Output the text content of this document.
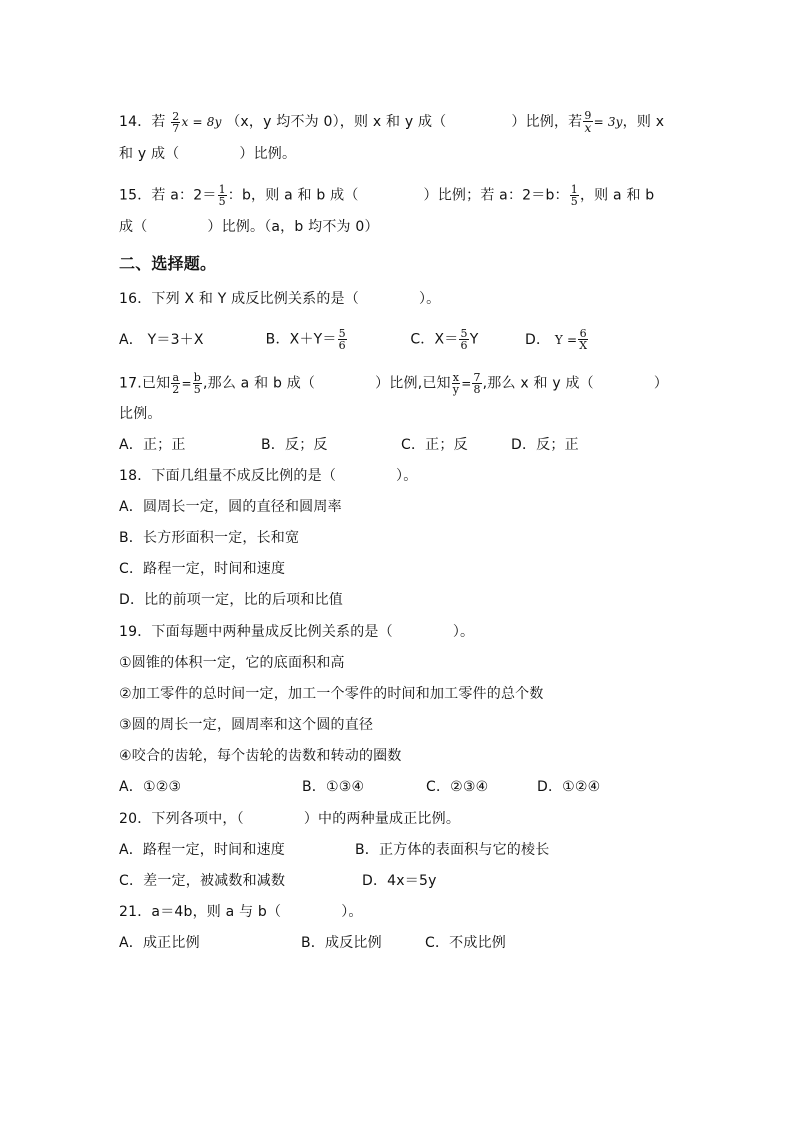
14．若 $\frac{2}{7}$ x = 8y （x，y 均不为 0），则 x 和 y 成（	）比例，若 $\frac{9}{x} = 3y$，则 x
和 y 成（	）比例。
15．若 a：$2= \frac{1}{5}$ ：b，则 a 和 b 成（	）比例；若 a：2＝b： $\frac{1}{5}$ ，则 a 和 b
成（	）比例。（a，b 均不为 0）
二、选择题。
16．下列 X 和 Y 成反比例关系的是（	）。
A． Y＝3＋X	B．$X+Y= \frac{5}{6}$	C．$X= \frac{5}{6}$ Y	D． $Y = \frac{6}{X}$
17.已知 $\frac{a}{2} = \frac{b}{5}$ ,那么 a 和 b 成（	）比例,已知 $\frac{x}{y} = \frac{7}{8}$ ,那么 x 和 y 成（	）
比例。
A．正；正	B．反；反	C．正；反	D．反；正
18．下面几组量不成反比例的是（	）。
A．圆周长一定，圆的直径和圆周率
B．长方形面积一定，长和宽
C．路程一定，时间和速度
D．比的前项一定，比的后项和比值
19．下面每题中两种量成反比例关系的是（	）。
①圆锥的体积一定，它的底面积和高
②加工零件的总时间一定，加工一个零件的时间和加工零件的总个数
③圆的周长一定，圆周率和这个圆的直径
④咬合的齿轮，每个齿轮的齿数和转动的圈数
A．①②③	B．①③④	C．②③④	D．①②④
20．下列各项中，（	）中的两种量成正比例。
A．路程一定，时间和速度	B．正方体的表面积与它的棱长
C．差一定，被减数和减数	D．4x＝5y
21．a＝4b，则 a 与 b（	）。
A．成正比例	B．成反比例	C．不成比例
